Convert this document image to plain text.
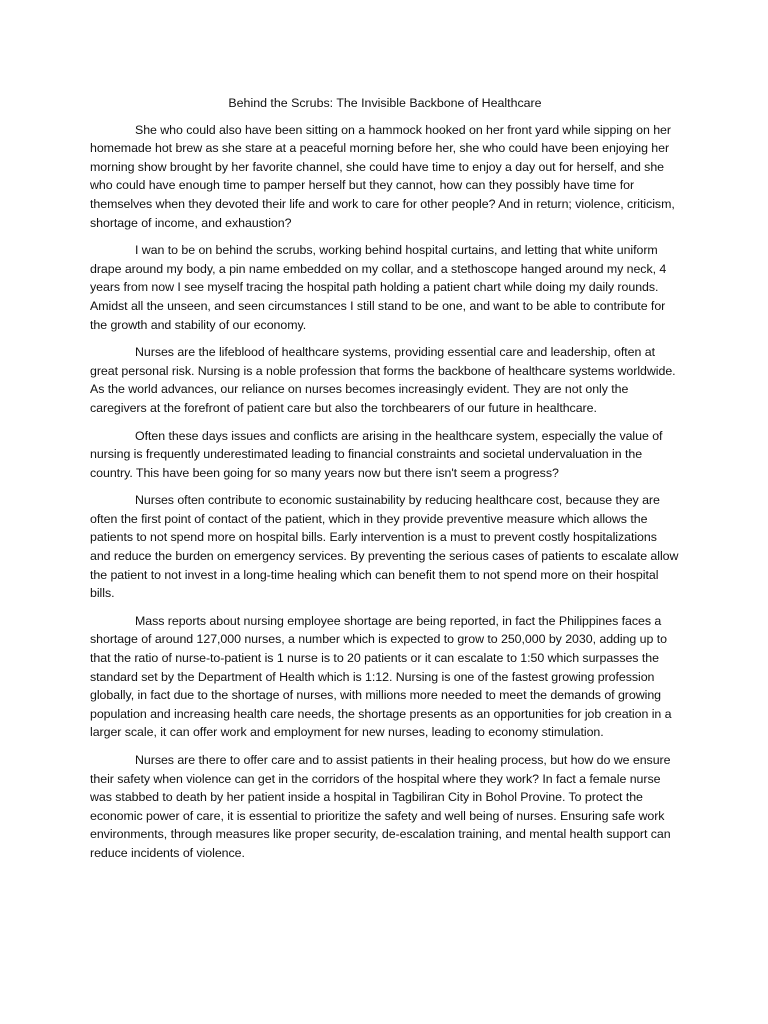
Behind the Scrubs: The Invisible Backbone of Healthcare

She who could also have been sitting on a hammock hooked on her front yard while sipping on her homemade hot brew as she stare at a peaceful morning before her, she who could have been enjoying her morning show brought by her favorite channel, she could have time to enjoy a day out for herself, and she who could have enough time to pamper herself but they cannot, how can they possibly have time for themselves when they devoted their life and work to care for other people? And in return; violence, criticism, shortage of income, and exhaustion?

I wan to be on behind the scrubs, working behind hospital curtains, and letting that white uniform drape around my body, a pin name embedded on my collar, and a stethoscope hanged around my neck, 4 years from now I see myself tracing the hospital path holding a patient chart while doing my daily rounds. Amidst all the unseen, and seen circumstances I still stand to be one, and want to be able to contribute for the growth and stability of our economy.

Nurses are the lifeblood of healthcare systems, providing essential care and leadership, often at great personal risk. Nursing is a noble profession that forms the backbone of healthcare systems worldwide. As the world advances, our reliance on nurses becomes increasingly evident. They are not only the caregivers at the forefront of patient care but also the torchbearers of our future in healthcare.

Often these days issues and conflicts are arising in the healthcare system, especially the value of nursing is frequently underestimated leading to financial constraints and societal undervaluation in the country. This have been going for so many years now but there isn't seem a progress?

Nurses often contribute to economic sustainability by reducing healthcare cost, because they are often the first point of contact of the patient, which in they provide preventive measure which allows the patients to not spend more on hospital bills. Early intervention is a must to prevent costly hospitalizations and reduce the burden on emergency services. By preventing the serious cases of patients to escalate allow the patient to not invest in a long-time healing which can benefit them to not spend more on their hospital bills.

Mass reports about nursing employee shortage are being reported, in fact the Philippines faces a shortage of around 127,000 nurses, a number which is expected to grow to 250,000 by 2030, adding up to that the ratio of nurse-to-patient is 1 nurse is to 20 patients or it can escalate to 1:50 which surpasses the standard set by the Department of Health which is 1:12. Nursing is one of the fastest growing profession globally, in fact due to the shortage of nurses, with millions more needed to meet the demands of growing population and increasing health care needs, the shortage presents as an opportunities for job creation in a larger scale, it can offer work and employment for new nurses, leading to economy stimulation.

Nurses are there to offer care and to assist patients in their healing process, but how do we ensure their safety when violence can get in the corridors of the hospital where they work? In fact a female nurse was stabbed to death by her patient inside a hospital in Tagbiliran City in Bohol Provine. To protect the economic power of care, it is essential to prioritize the safety and well being of nurses. Ensuring safe work environments, through measures like proper security, de-escalation training, and mental health support can reduce incidents of violence.
